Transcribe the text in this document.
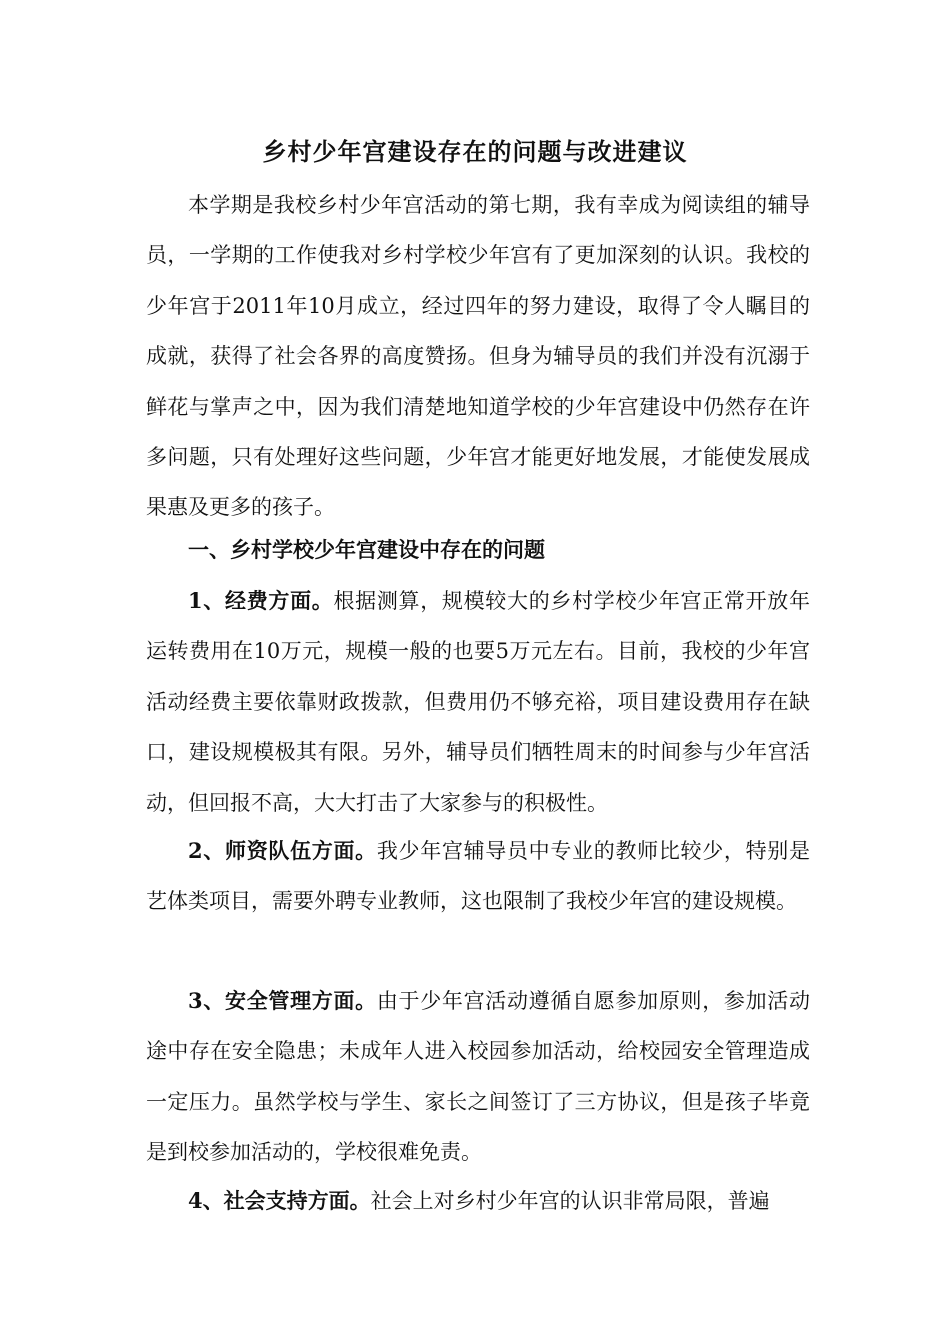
乡村少年宫建设存在的问题与改进建议

本学期是我校乡村少年宫活动的第七期，我有幸成为阅读组的辅导员，一学期的工作使我对乡村学校少年宫有了更加深刻的认识。我校的少年宫于2011年10月成立，经过四年的努力建设，取得了令人瞩目的成就，获得了社会各界的高度赞扬。但身为辅导员的我们并没有沉溺于鲜花与掌声之中，因为我们清楚地知道学校的少年宫建设中仍然存在许多问题，只有处理好这些问题，少年宫才能更好地发展，才能使发展成果惠及更多的孩子。

一、乡村学校少年宫建设中存在的问题

1、经费方面。根据测算，规模较大的乡村学校少年宫正常开放年运转费用在10万元，规模一般的也要5万元左右。目前，我校的少年宫活动经费主要依靠财政拨款，但费用仍不够充裕，项目建设费用存在缺口，建设规模极其有限。另外，辅导员们牺牲周末的时间参与少年宫活动，但回报不高，大大打击了大家参与的积极性。

2、师资队伍方面。我少年宫辅导员中专业的教师比较少，特别是艺体类项目，需要外聘专业教师，这也限制了我校少年宫的建设规模。

3、安全管理方面。由于少年宫活动遵循自愿参加原则，参加活动途中存在安全隐患；未成年人进入校园参加活动，给校园安全管理造成一定压力。虽然学校与学生、家长之间签订了三方协议，但是孩子毕竟是到校参加活动的，学校很难免责。

4、社会支持方面。社会上对乡村少年宫的认识非常局限，普遍
